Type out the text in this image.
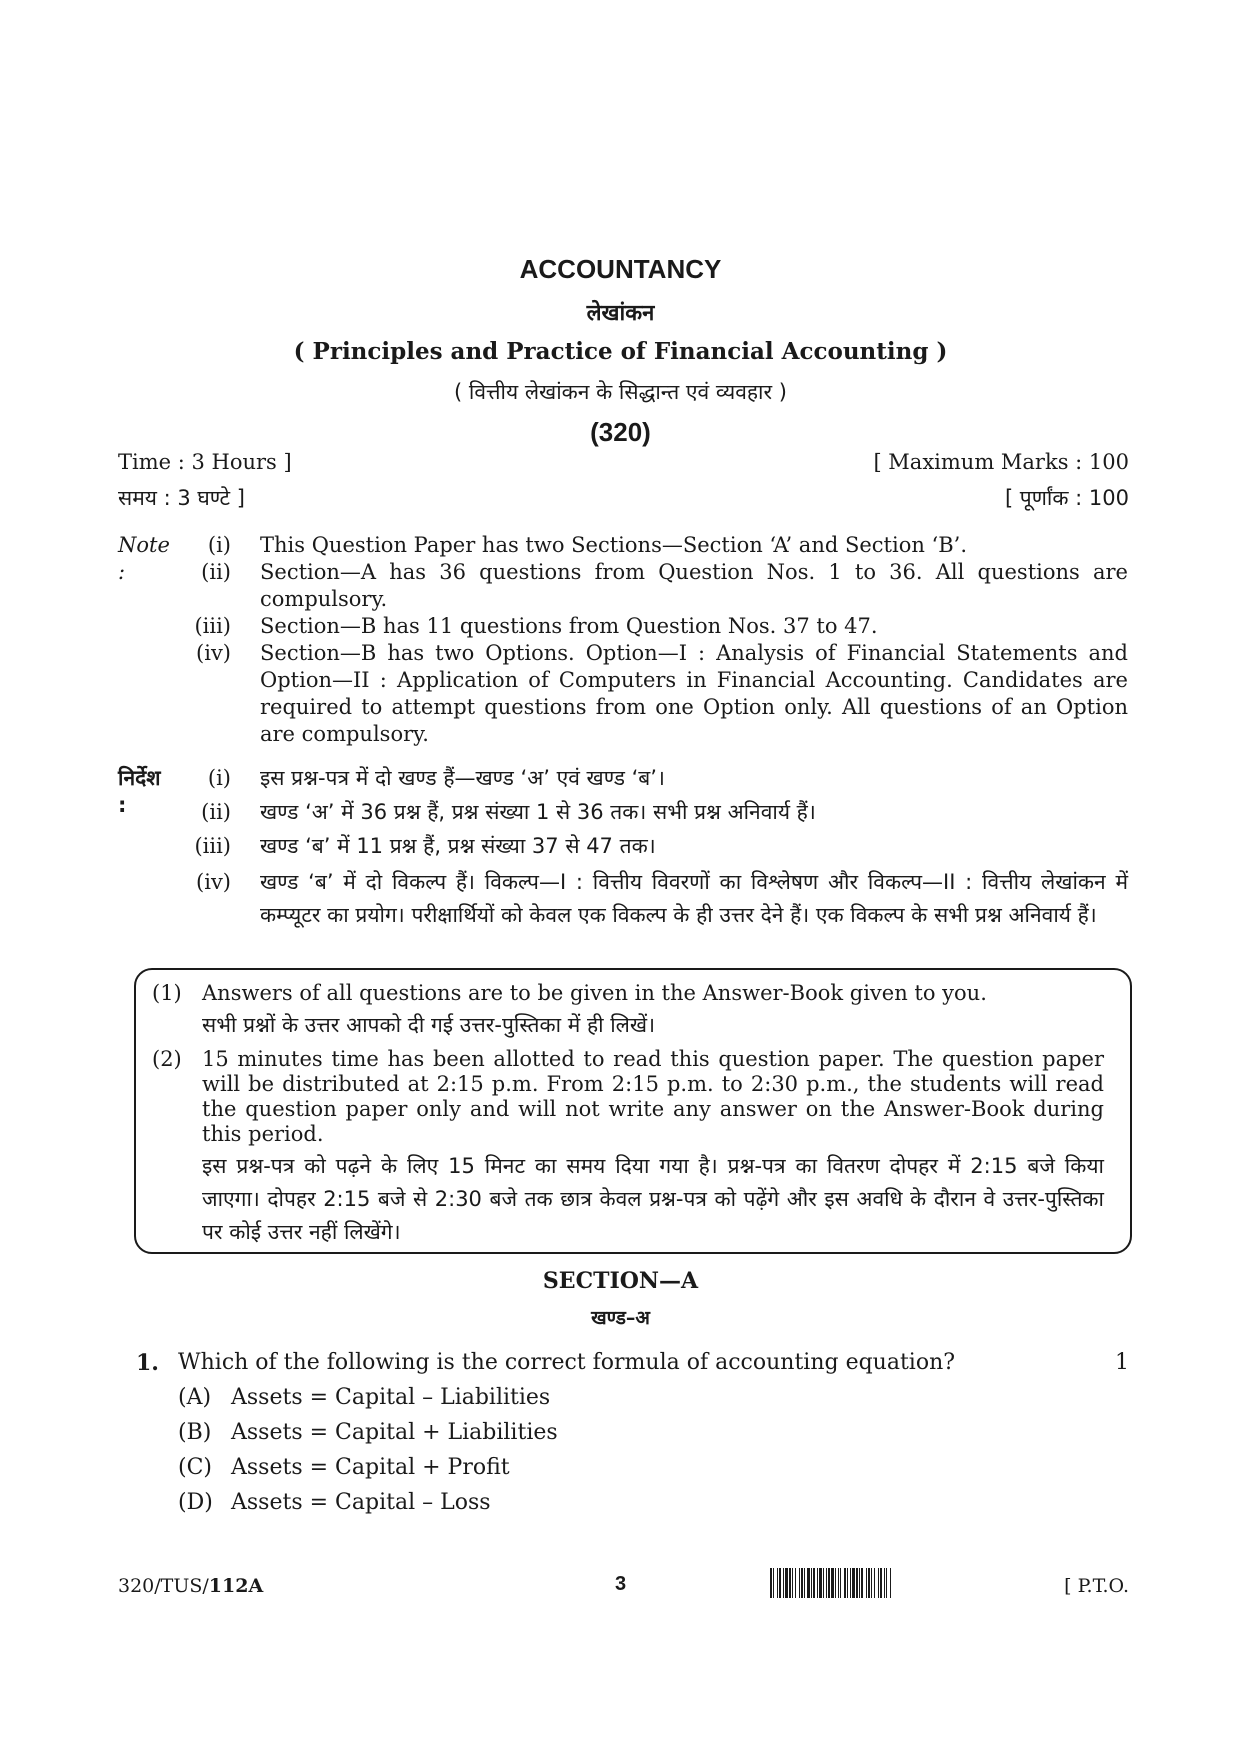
ACCOUNTANCY
लेखांकन
( Principles and Practice of Financial Accounting )
( वित्तीय लेखांकन के सिद्धान्त एवं व्यवहार )
(320)
Time : 3 Hours ]
समय : 3 घण्टे ]
[ Maximum Marks : 100
[ पूर्णांक : 100
Note :
(i) This Question Paper has two Sections—Section ‘A’ and Section ‘B’.
(ii) Section—A has 36 questions from Question Nos. 1 to 36. All questions are compulsory.
(iii) Section—B has 11 questions from Question Nos. 37 to 47.
(iv) Section—B has two Options. Option—I : Analysis of Financial Statements and Option—II : Application of Computers in Financial Accounting. Candidates are required to attempt questions from one Option only. All questions of an Option are compulsory.
निर्देश :
(i) इस प्रश्न-पत्र में दो खण्ड हैं—खण्ड ‘अ’ एवं खण्ड ‘ब’।
(ii) खण्ड ‘अ’ में 36 प्रश्न हैं, प्रश्न संख्या 1 से 36 तक। सभी प्रश्न अनिवार्य हैं।
(iii) खण्ड ‘ब’ में 11 प्रश्न हैं, प्रश्न संख्या 37 से 47 तक।
(iv) खण्ड ‘ब’ में दो विकल्प हैं। विकल्प—I : वित्तीय विवरणों का विश्लेषण और विकल्प—II : वित्तीय लेखांकन में कम्प्यूटर का प्रयोग। परीक्षार्थियों को केवल एक विकल्प के ही उत्तर देने हैं। एक विकल्प के सभी प्रश्न अनिवार्य हैं।
(1) Answers of all questions are to be given in the Answer-Book given to you.
सभी प्रश्नों के उत्तर आपको दी गई उत्तर-पुस्तिका में ही लिखें।
(2) 15 minutes time has been allotted to read this question paper. The question paper will be distributed at 2:15 p.m. From 2:15 p.m. to 2:30 p.m., the students will read the question paper only and will not write any answer on the Answer-Book during this period.
इस प्रश्न-पत्र को पढ़ने के लिए 15 मिनट का समय दिया गया है। प्रश्न-पत्र का वितरण दोपहर में 2:15 बजे किया जाएगा। दोपहर 2:15 बजे से 2:30 बजे तक छात्र केवल प्रश्न-पत्र को पढ़ेंगे और इस अवधि के दौरान वे उत्तर-पुस्तिका पर कोई उत्तर नहीं लिखेंगे।
SECTION—A
खण्ड–अ
1. Which of the following is the correct formula of accounting equation?	1
(A) Assets = Capital – Liabilities
(B) Assets = Capital + Liabilities
(C) Assets = Capital + Profit
(D) Assets = Capital – Loss
320/TUS/112A	3	[ P.T.O.
